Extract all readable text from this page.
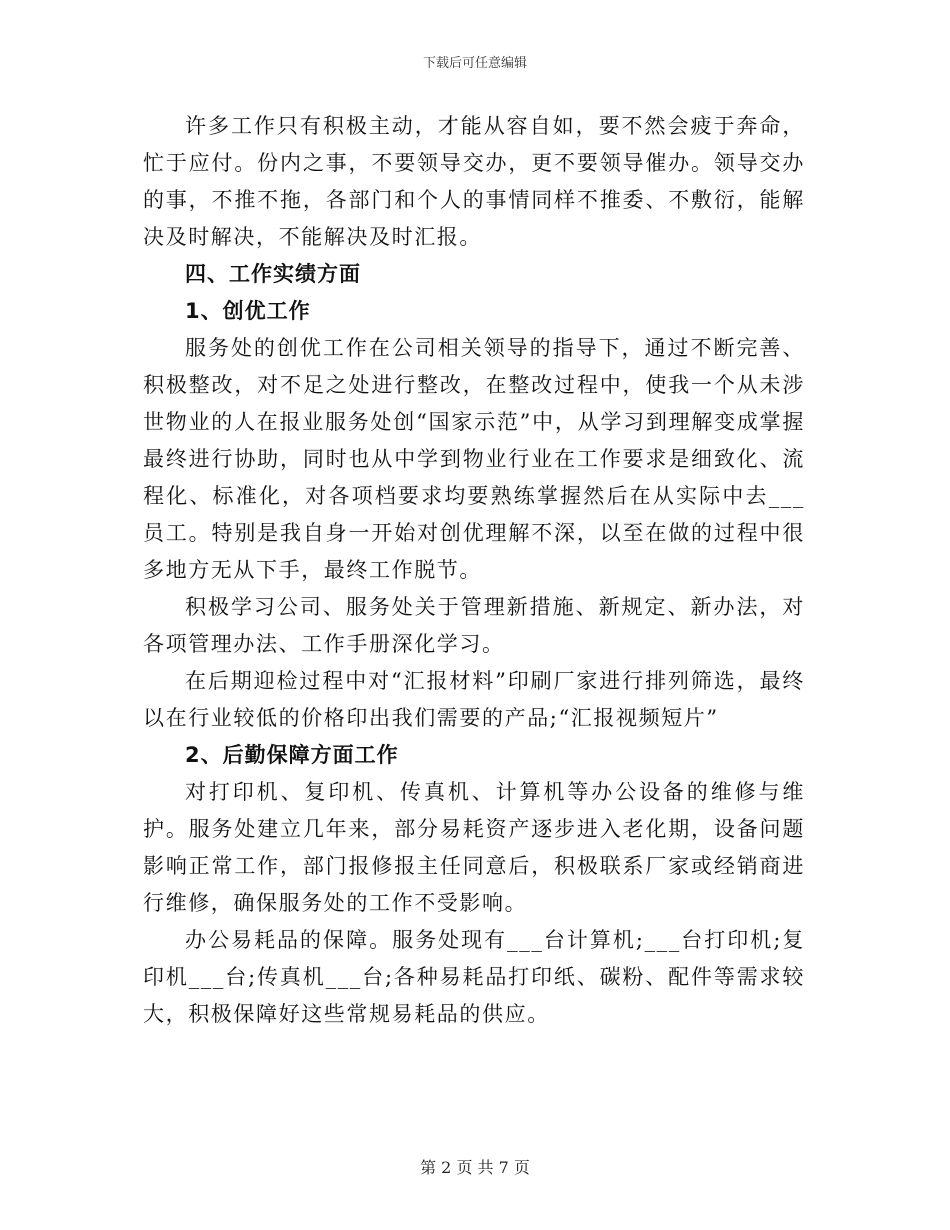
下载后可任意编辑

许多工作只有积极主动，才能从容自如，要不然会疲于奔命，忙于应付。份内之事，不要领导交办，更不要领导催办。领导交办的事，不推不拖，各部门和个人的事情同样不推委、不敷衍，能解决及时解决，不能解决及时汇报。

四、工作实绩方面

1、创优工作

服务处的创优工作在公司相关领导的指导下，通过不断完善、积极整改，对不足之处进行整改，在整改过程中，使我一个从未涉世物业的人在报业服务处创“国家示范”中，从学习到理解变成掌握最终进行协助，同时也从中学到物业行业在工作要求是细致化、流程化、标准化，对各项档要求均要熟练掌握然后在从实际中去___员工。特别是我自身一开始对创优理解不深，以至在做的过程中很多地方无从下手，最终工作脱节。

积极学习公司、服务处关于管理新措施、新规定、新办法，对各项管理办法、工作手册深化学习。

在后期迎检过程中对“汇报材料”印刷厂家进行排列筛选，最终以在行业较低的价格印出我们需要的产品;“汇报视频短片”

2、后勤保障方面工作

对打印机、复印机、传真机、计算机等办公设备的维修与维护。服务处建立几年来，部分易耗资产逐步进入老化期，设备问题影响正常工作，部门报修报主任同意后，积极联系厂家或经销商进行维修，确保服务处的工作不受影响。

办公易耗品的保障。服务处现有___台计算机;___台打印机;复印机___台;传真机___台;各种易耗品打印纸、碳粉、配件等需求较大，积极保障好这些常规易耗品的供应。

第 2 页 共 7 页
